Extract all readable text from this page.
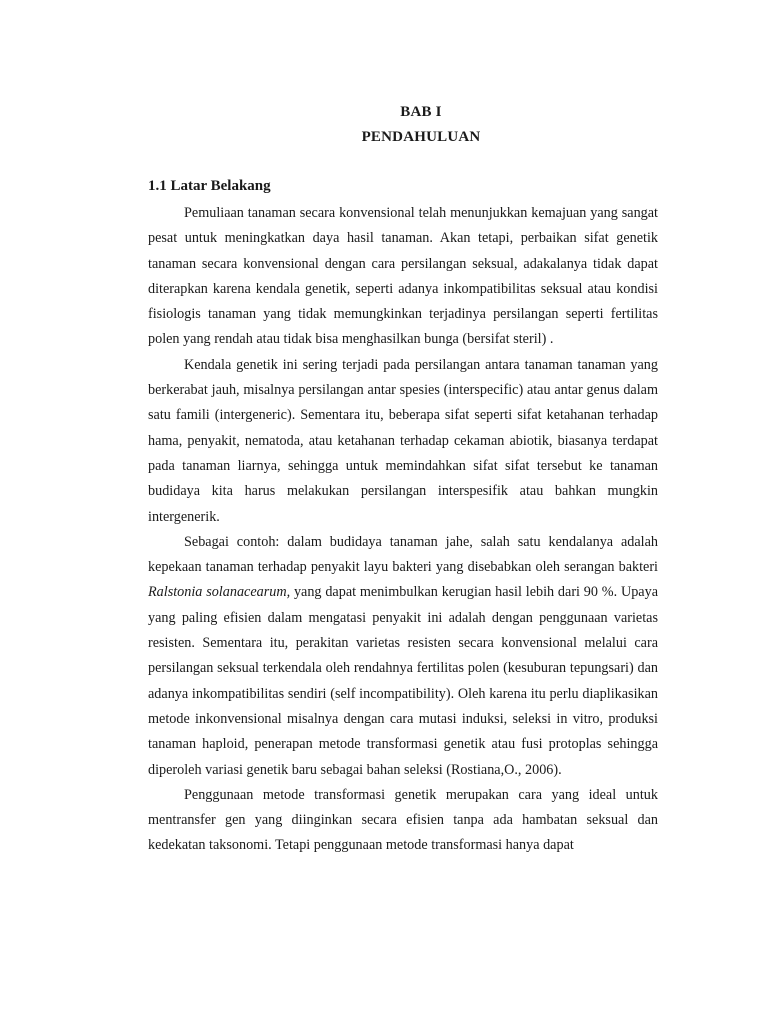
BAB I
PENDAHULUAN
1.1 Latar Belakang

Pemuliaan tanaman secara konvensional telah menunjukkan kemajuan yang sangat pesat untuk meningkatkan daya hasil tanaman. Akan tetapi, perbaikan sifat genetik tanaman secara konvensional dengan cara persilangan seksual, adakalanya tidak dapat diterapkan karena kendala genetik, seperti adanya inkompatibilitas seksual atau kondisi fisiologis tanaman yang tidak memungkinkan terjadinya persilangan seperti fertilitas polen yang rendah atau tidak bisa menghasilkan bunga (bersifat steril) .

Kendala genetik ini sering terjadi pada persilangan antara tanaman tanaman yang berkerabat jauh, misalnya persilangan antar spesies (interspecific) atau antar genus dalam satu famili (intergeneric). Sementara itu, beberapa sifat seperti sifat ketahanan terhadap hama, penyakit, nematoda, atau ketahanan terhadap cekaman abiotik, biasanya terdapat pada tanaman liarnya, sehingga untuk memindahkan sifat sifat tersebut ke tanaman budidaya kita harus melakukan persilangan interspesifik atau bahkan mungkin intergenerik.

Sebagai contoh: dalam budidaya tanaman jahe, salah satu kendalanya adalah kepekaan tanaman terhadap penyakit layu bakteri yang disebabkan oleh serangan bakteri Ralstonia solanacearum, yang dapat menimbulkan kerugian hasil lebih dari 90 %. Upaya yang paling efisien dalam mengatasi penyakit ini adalah dengan penggunaan varietas resisten. Sementara itu, perakitan varietas resisten secara konvensional melalui cara persilangan seksual terkendala oleh rendahnya fertilitas polen (kesuburan tepungsari) dan adanya inkompatibilitas sendiri (self incompatibility). Oleh karena itu perlu diaplikasikan metode inkonvensional misalnya dengan cara mutasi induksi, seleksi in vitro, produksi tanaman haploid, penerapan metode transformasi genetik atau fusi protoplas sehingga diperoleh variasi genetik baru sebagai bahan seleksi (Rostiana,O., 2006).

Penggunaan metode transformasi genetik merupakan cara yang ideal untuk mentransfer gen yang diinginkan secara efisien tanpa ada hambatan seksual dan kedekatan taksonomi. Tetapi penggunaan metode transformasi hanya dapat
